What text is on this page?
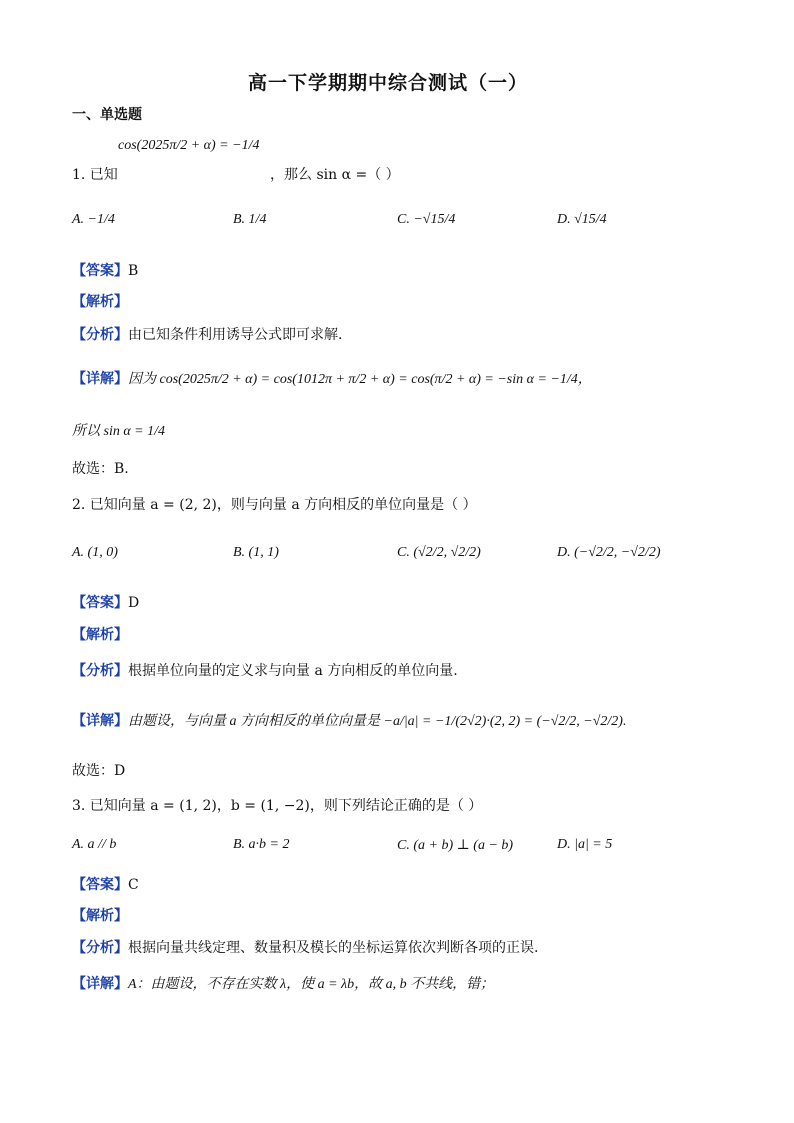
高一下学期期中综合测试（一）
一、单选题
1. 已知
cos(2025π/2 + α) = −1/4
，那么 sin α =（ ）
A. −1/4	B. 1/4	C. −√15/4	D. √15/4
【答案】B
【解析】
【分析】由已知条件利用诱导公式即可求解.
【详解】因为 cos(2025π/2 + α) = cos(1012π + π/2 + α) = cos(π/2 + α) = −sin α = −1/4，
所以 sin α = 1/4
故选：B.
2. 已知向量 a = (2, 2)，则与向量 a 方向相反的单位向量是（ ）
A. (1, 0)	B. (1, 1)	C. (√2/2, √2/2)	D. (−√2/2, −√2/2)
【答案】D
【解析】
【分析】根据单位向量的定义求与向量 a 方向相反的单位向量.
【详解】由题设，与向量 a 方向相反的单位向量是 −a/|a| = −1/(2√2)·(2, 2) = (−√2/2, −√2/2).
故选：D
3. 已知向量 a = (1, 2)，b = (1, −2)，则下列结论正确的是（ ）
A. a // b	B. a·b = 2	C. (a + b) ⊥ (a − b)	D. |a| = 5
【答案】C
【解析】
【分析】根据向量共线定理、数量积及模长的坐标运算依次判断各项的正误.
【详解】A：由题设，不存在实数 λ，使 a = λb，故 a, b 不共线，错；
